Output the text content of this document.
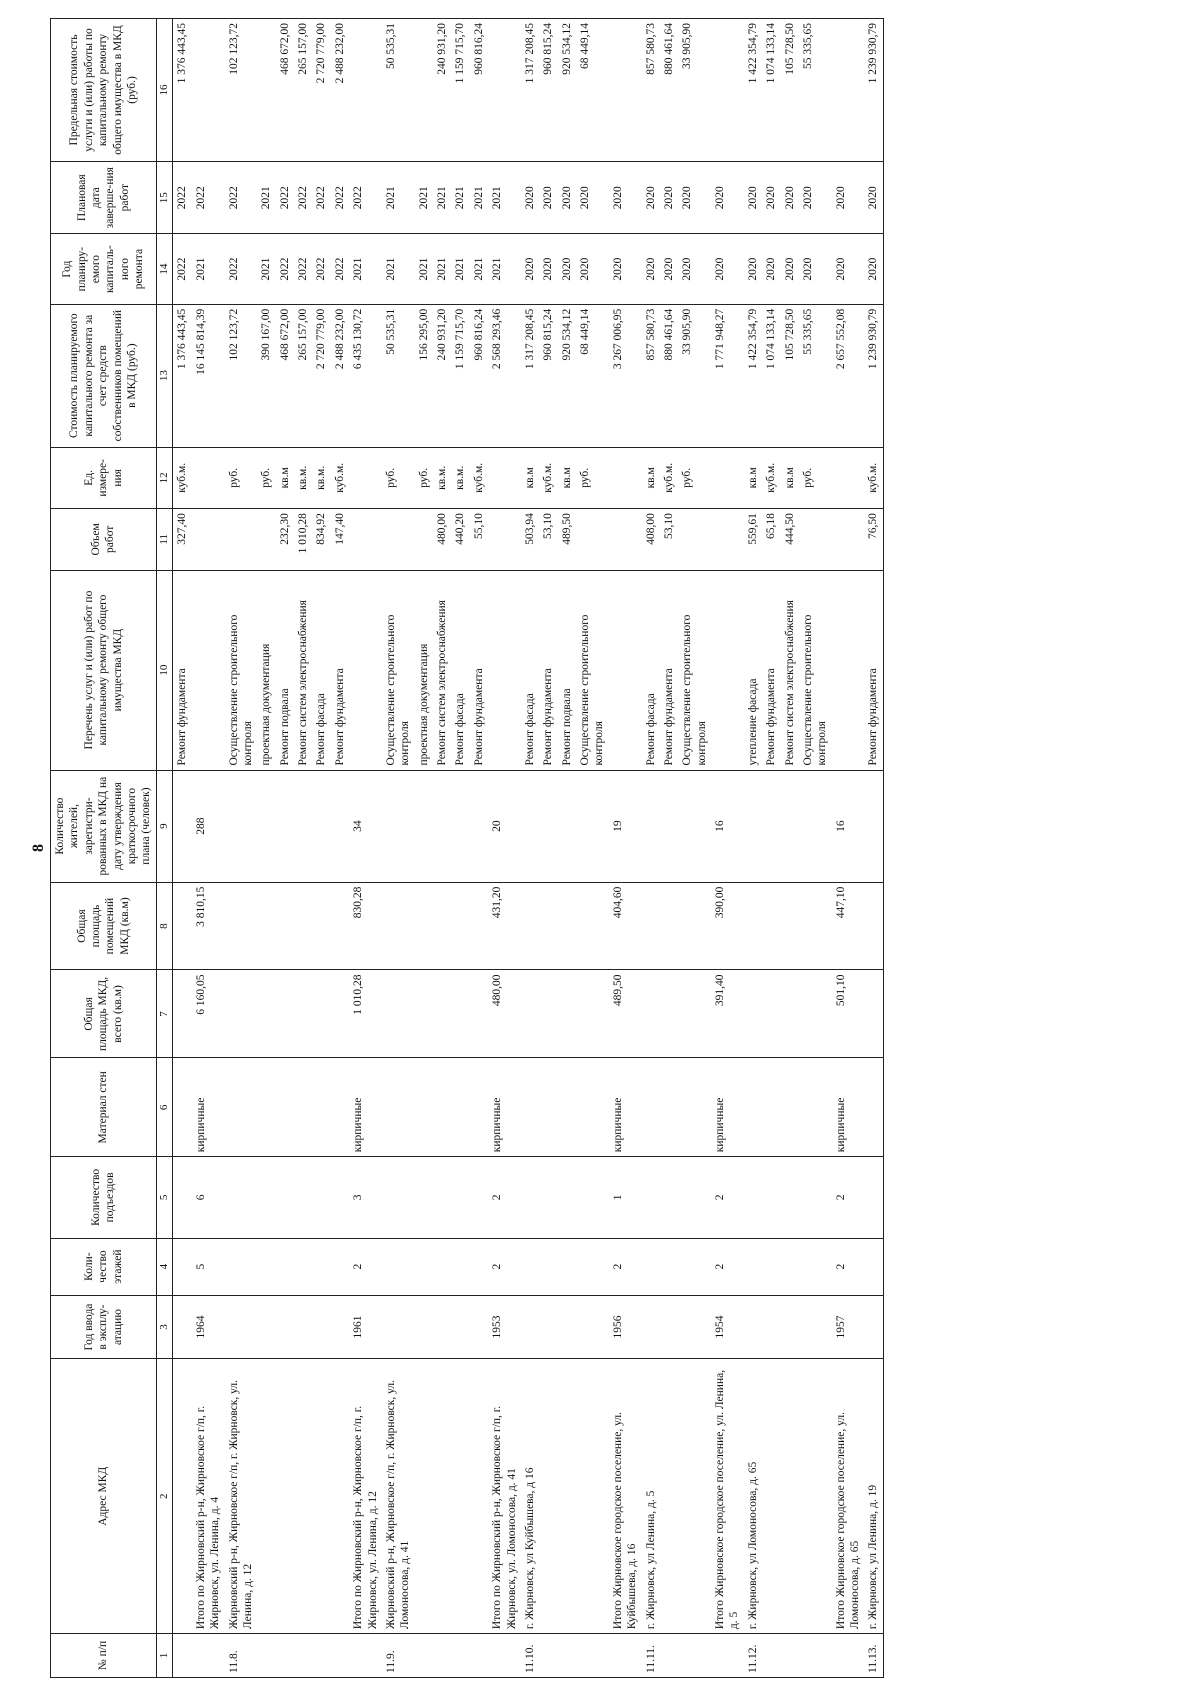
8
№ п/п	Адрес МКД	Год ввода в эксплу-атацию	Коли-чество этажей	Количество подъездов	Материал стен	Общая площадь МКД, всего (кв.м)	Общая площадь помещений МКД (кв.м)	Количество жителей, зарегистри-рованных в МКД на дату утверждения краткосрочного плана (человек)	Перечень услуг и (или) работ по капитальному ремонту общего имущества МКД	Объем работ	Ед. измере-ния	Стоимость планируемого капитального ремонта за счет средств собственников помещений в МКД (руб.)	Год планиру-емого капиталь-ного ремонта	Плановая дата заверше-ния работ	Предельная стоимость услуги и (или) работы по капитальному ремонту общего имущества в МКД (руб.)
1	2	3	4	5	6	7	8	9	10	11	12	13	14	15	16
									Ремонт фундамента	327,40	куб.м.	1 376 443,45	2022	2022	1 376 443,45
	Итого по Жирновский р-н, Жирновское г/п, г. Жирновск, ул. Ленина, д. 4	1964	5	6	кирпичные	6 160,05	3 810,15	288				16 145 814,39	2021	2022	
11.8.	Жирновский р-н, Жирновское г/п, г. Жирновск, ул. Ленина, д. 12								Осуществление строительного контроля		руб.	102 123,72	2022	2022	102 123,72
									проектная документация		руб.	390 167,00	2021	2021	
									Ремонт подвала	232,30	кв.м	468 672,00	2022	2022	468 672,00
									Ремонт систем электроснабжения	1 010,28	кв.м.	265 157,00	2022	2022	265 157,00
									Ремонт фасада	834,92	кв.м.	2 720 779,00	2022	2022	2 720 779,00
									Ремонт фундамента	147,40	куб.м.	2 488 232,00	2022	2022	2 488 232,00
	Итого по Жирновский р-н, Жирновское г/п, г. Жирновск, ул. Ленина, д. 12	1961	2	3	кирпичные	1 010,28	830,28	34				6 435 130,72	2021	2022	
11.9.	Жирновский р-н, Жирновское г/п, г. Жирновск, ул. Ломоносова, д. 41								Осуществление строительного контроля		руб.	50 535,31	2021	2021	50 535,31
									проектная документация		руб.	156 295,00	2021	2021	
									Ремонт систем электроснабжения	480,00	кв.м.	240 931,20	2021	2021	240 931,20
									Ремонт фасада	440,20	кв.м.	1 159 715,70	2021	2021	1 159 715,70
									Ремонт фундамента	55,10	куб.м.	960 816,24	2021	2021	960 816,24
	Итого по Жирновский р-н, Жирновское г/п, г. Жирновск, ул. Ломоносова, д. 41	1953	2	2	кирпичные	480,00	431,20	20				2 568 293,46	2021	2021	
11.10.	г. Жирновск, ул Куйбышева, д 16								Ремонт фасада	503,94	кв.м	1 317 208,45	2020	2020	1 317 208,45
									Ремонт фундамента	53,10	куб.м.	960 815,24	2020	2020	960 815,24
									Ремонт подвала	489,50	кв.м	920 534,12	2020	2020	920 534,12
									Осуществление строительного контроля		руб.	68 449,14	2020	2020	68 449,14
	Итого Жирновское городское поселение, ул. Куйбышева, д. 16	1956	2	1	кирпичные	489,50	404,60	19				3 267 006,95	2020	2020	
11.11.	г. Жирновск, ул Ленина, д. 5								Ремонт фасада	408,00	кв.м	857 580,73	2020	2020	857 580,73
									Ремонт фундамента	53,10	куб.м.	880 461,64	2020	2020	880 461,64
									Осуществление строительного контроля		руб.	33 905,90	2020	2020	33 905,90
	Итого Жирновское городское поселение, ул. Ленина, д. 5	1954	2	2	кирпичные	391,40	390,00	16				1 771 948,27	2020	2020	
11.12.	г. Жирновск, ул Ломоносова, д. 65								утепление фасада	559,61	кв.м	1 422 354,79	2020	2020	1 422 354,79
									Ремонт фундамента	65,18	куб.м.	1 074 133,14	2020	2020	1 074 133,14
									Ремонт систем электроснабжения	444,50	кв.м	105 728,50	2020	2020	105 728,50
									Осуществление строительного контроля		руб.	55 335,65	2020	2020	55 335,65
	Итого Жирновское городское поселение, ул. Ломоносова, д. 65	1957	2	2	кирпичные	501,10	447,10	16				2 657 552,08	2020	2020	
11.13.	г. Жирновск, ул Ленина, д. 19								Ремонт фундамента	76,50	куб.м.	1 239 930,79	2020	2020	1 239 930,79
